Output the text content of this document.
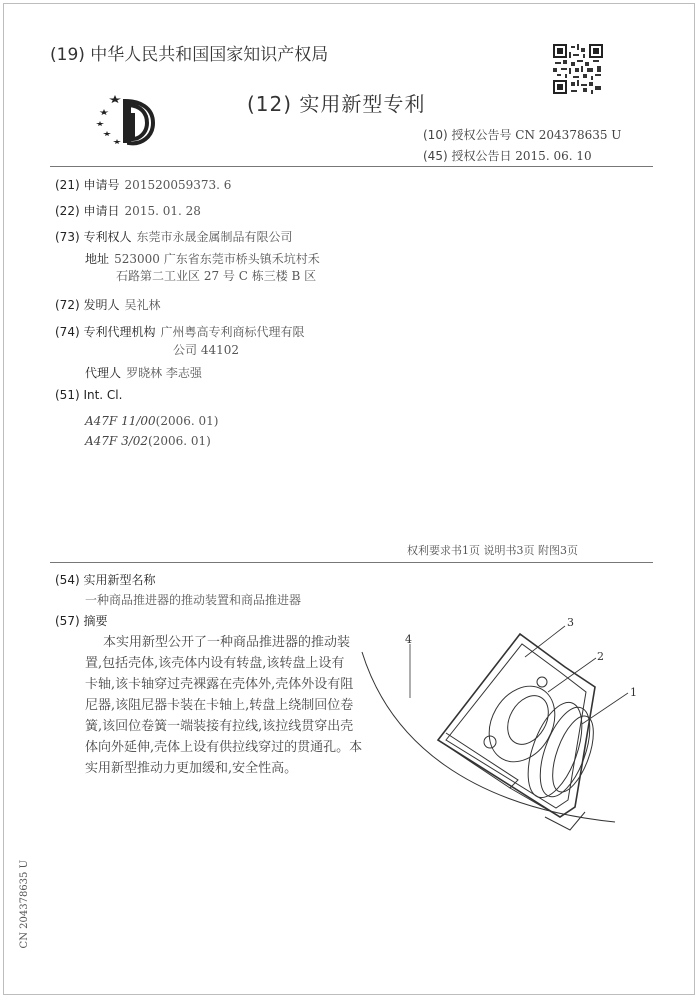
(19) 中华人民共和国国家知识产权局
(12) 实用新型专利
(10) 授权公告号 CN 204378635 U
(45) 授权公告日 2015. 06. 10
(21) 申请号 201520059373. 6
(22) 申请日 2015. 01. 28
(73) 专利权人 东莞市永晟金属制品有限公司
地址 523000 广东省东莞市桥头镇禾坑村禾
石路第二工业区 27 号 C 栋三楼 B 区
(72) 发明人 吴礼林
(74) 专利代理机构 广州粤高专利商标代理有限
公司 44102
代理人 罗晓林 李志强
(51) Int. Cl.
A47F 11/00(2006. 01)
A47F 3/02(2006. 01)
权利要求书1页 说明书3页 附图3页
(54) 实用新型名称
一种商品推进器的推动装置和商品推进器
(57) 摘要
本实用新型公开了一种商品推进器的推动装
置,包括壳体,该壳体内设有转盘,该转盘上设有
卡轴,该卡轴穿过壳裸露在壳体外,壳体外设有阻
尼器,该阻尼器卡装在卡轴上,转盘上绕制回位卷
簧,该回位卷簧一端装接有拉线,该拉线贯穿出壳
体向外延伸,壳体上设有供拉线穿过的贯通孔。本
实用新型推动力更加缓和,安全性高。
3
2
1
4
CN 204378635 U
